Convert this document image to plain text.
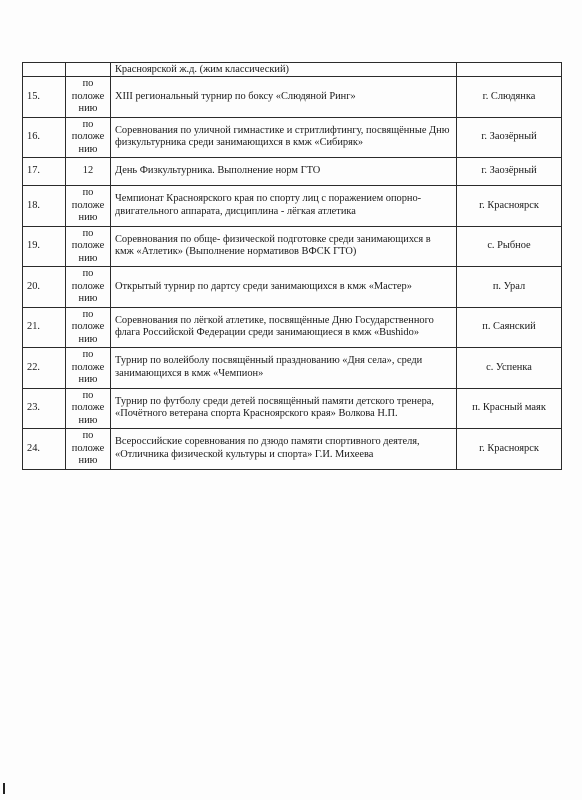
		Красноярской ж.д. (жим классический)	
15.	по положе нию	XIII региональный турнир по боксу «Слюдяной Ринг»	г. Слюдянка
16.	по положе нию	Соревнования по уличной гимнастике и стритлифтингу, посвящённые Дню физкультурника среди занимающихся в кмж «Сибиряк»	г. Заозёрный
17.	12	День Физкультурника. Выполнение норм ГТО	г. Заозёрный
18.	по положе нию	Чемпионат Красноярского края по спорту лиц с поражением опорно-двигательного аппарата, дисциплина - лёгкая атлетика	г. Красноярск
19.	по положе нию	Соревнования по обще- физической подготовке среди занимающихся в кмж «Атлетик» (Выполнение нормативов ВФСК ГТО)	с. Рыбное
20.	по положе нию	Открытый турнир по дартсу среди занимающихся в кмж «Мастер»	п. Урал
21.	по положе нию	Соревнования по лёгкой атлетике, посвящённые Дню Государственного флага Российской Федерации среди занимающиеся в кмж «Bushido»	п. Саянский
22.	по положе нию	Турнир по волейболу посвящённый празднованию «Дня села», среди занимающихся в кмж «Чемпион»	с. Успенка
23.	по положе нию	Турнир по футболу среди детей посвящённый памяти детского тренера, «Почётного ветерана спорта Красноярского края» Волкова Н.П.	п. Красный маяк
24.	по положе нию	Всероссийские соревнования по дзюдо памяти спортивного деятеля, «Отличника физической культуры и спорта» Г.И. Михеева	г. Красноярск
